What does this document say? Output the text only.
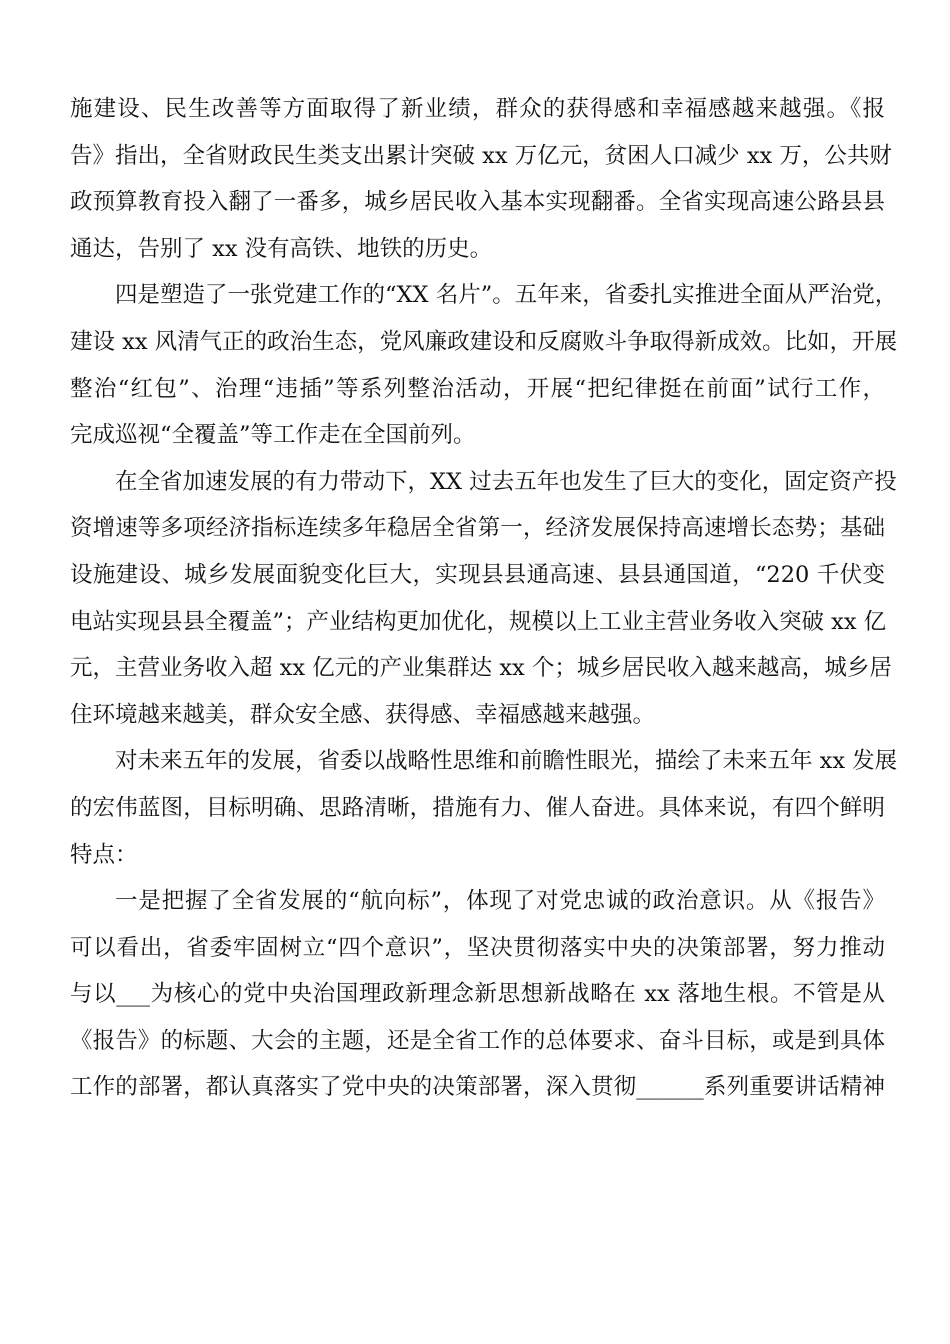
施建设、民生改善等方面取得了新业绩，群众的获得感和幸福感越来越强。《报
告》指出，全省财政民生类支出累计突破 xx 万亿元，贫困人口减少 xx 万，公共财
政预算教育投入翻了一番多，城乡居民收入基本实现翻番。全省实现高速公路县县
通达，告别了 xx 没有高铁、地铁的历史。
四是塑造了一张党建工作的“XX 名片”。五年来，省委扎实推进全面从严治党，
建设 xx 风清气正的政治生态，党风廉政建设和反腐败斗争取得新成效。比如，开展
整治“红包”、治理“违插”等系列整治活动，开展“把纪律挺在前面”试行工作，
完成巡视“全覆盖”等工作走在全国前列。
在全省加速发展的有力带动下，XX 过去五年也发生了巨大的变化，固定资产投
资增速等多项经济指标连续多年稳居全省第一，经济发展保持高速增长态势；基础
设施建设、城乡发展面貌变化巨大，实现县县通高速、县县通国道，“220 千伏变
电站实现县县全覆盖”；产业结构更加优化，规模以上工业主营业务收入突破 xx 亿
元，主营业务收入超 xx 亿元的产业集群达 xx 个；城乡居民收入越来越高，城乡居
住环境越来越美，群众安全感、获得感、幸福感越来越强。
对未来五年的发展，省委以战略性思维和前瞻性眼光，描绘了未来五年 xx 发展
的宏伟蓝图，目标明确、思路清晰，措施有力、催人奋进。具体来说，有四个鲜明
特点：
一是把握了全省发展的“航向标”，体现了对党忠诚的政治意识。从《报告》
可以看出，省委牢固树立“四个意识”，坚决贯彻落实中央的决策部署，努力推动
与以___为核心的党中央治国理政新理念新思想新战略在 xx 落地生根。不管是从
《报告》的标题、大会的主题，还是全省工作的总体要求、奋斗目标，或是到具体
工作的部署，都认真落实了党中央的决策部署，深入贯彻______系列重要讲话精神
